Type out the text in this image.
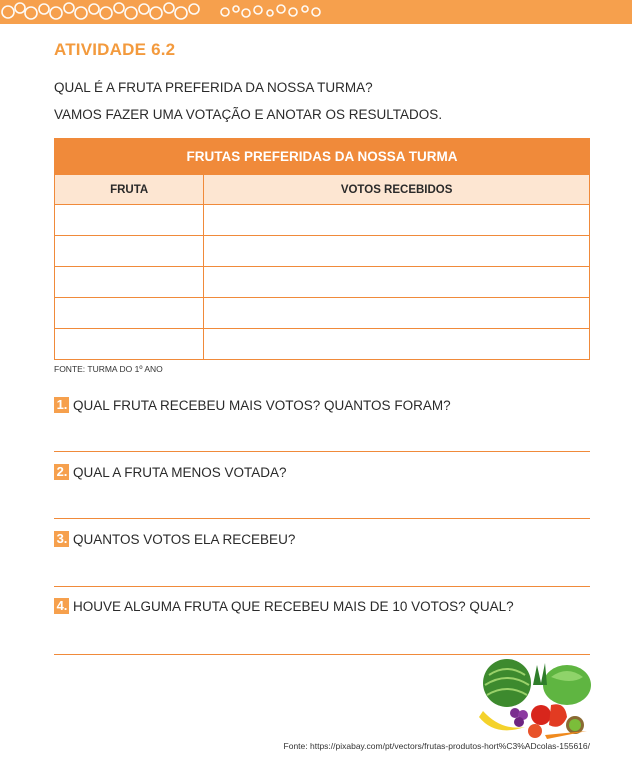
ATIVIDADE 6.2
QUAL É A FRUTA PREFERIDA DA NOSSA TURMA?
VAMOS FAZER UMA VOTAÇÃO E ANOTAR OS RESULTADOS.
FRUTAS PREFERIDAS DA NOSSA TURMA	
FRUTA	VOTOS RECEBIDOS

FONTE: TURMA DO 1º ANO
1. QUAL FRUTA RECEBEU MAIS VOTOS? QUANTOS FORAM?
2. QUAL A FRUTA MENOS VOTADA?
3. QUANTOS VOTOS ELA RECEBEU?
4. HOUVE ALGUMA FRUTA QUE RECEBEU MAIS DE 10 VOTOS? QUAL?
Fonte: https://pixabay.com/pt/vectors/frutas-produtos-hort%C3%ADcolas-155616/
